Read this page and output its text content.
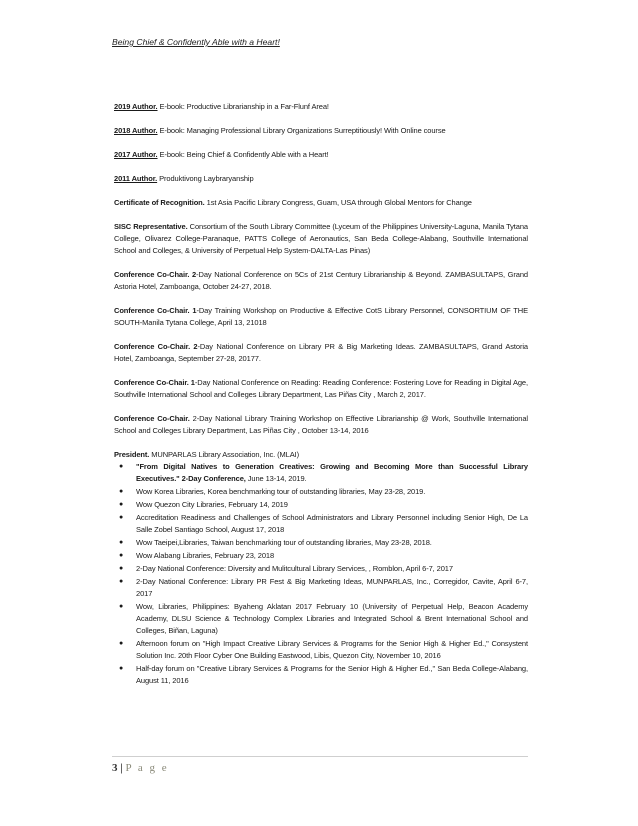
Being Chief & Confidently Able with a Heart!
2019 Author. E-book: Productive Librarianship in a Far-Flunf Area!
2018 Author. E-book: Managing Professional Library Organizations Surreptitiously! With Online course
2017 Author. E-book: Being Chief & Confidently Able with a Heart!
2011 Author. Produktivong Laybraryanship
Certificate of Recognition. 1st Asia Pacific Library Congress, Guam, USA through Global Mentors for Change
SISC Representative. Consortium of the South Library Committee (Lyceum of the Philippines University-Laguna, Manila Tytana College, Olivarez College-Paranaque, PATTS College of Aeronautics, San Beda College-Alabang, Southville International School and Colleges, & University of Perpetual Help System-DALTA-Las Pinas)
Conference Co-Chair. 2-Day National Conference on 5Cs of 21st Century Librarianship & Beyond. ZAMBASULTAPS, Grand Astoria Hotel, Zamboanga, October 24-27, 2018.
Conference Co-Chair. 1-Day Training Workshop on Productive & Effective CotS Library Personnel, CONSORTIUM OF THE SOUTH-Manila Tytana College, April 13, 21018
Conference Co-Chair. 2-Day National Conference on Library PR & Big Marketing Ideas. ZAMBASULTAPS, Grand Astoria Hotel, Zamboanga, September 27-28, 20177.
Conference Co-Chair. 1-Day National Conference on Reading: Reading Conference: Fostering Love for Reading in Digital Age, Southville International School and Colleges Library Department, Las Piñas City , March 2, 2017.
Conference Co-Chair. 2-Day National Library Training Workshop on Effective Librarianship @ Work, Southville International School and Colleges Library Department, Las Piñas City , October 13-14, 2016
President. MUNPARLAS Library Association, Inc. (MLAI)
● "From Digital Natives to Generation Creatives: Growing and Becoming More than Successful Library Executives." 2-Day Conference, June 13-14, 2019.
● Wow Korea Libraries, Korea benchmarking tour of outstanding libraries, May 23-28, 2019.
● Wow Quezon City Libraries, February 14, 2019
● Accreditation Readiness and Challenges of School Administrators and Library Personnel including Senior High, De La Salle Zobel Santiago School, August 17, 2018
● Wow Taeipei,Libraries, Taiwan benchmarking tour of outstanding libraries, May 23-28, 2018.
● Wow Alabang Libraries, February 23, 2018
● 2-Day National Conference: Diversity and Mulitcultural Library Services, , Romblon, April 6-7, 2017
● 2-Day National Conference: Library PR Fest & Big Marketing Ideas, MUNPARLAS, Inc., Corregidor, Cavite, April 6-7, 2017
● Wow, Libraries, Philippines: Byaheng Aklatan 2017 February 10 (University of Perpetual Help, Beacon Academy Academy, DLSU Science & Technology Complex Libraries and Integrated School & Brent International School and Colleges, Biñan, Laguna)
● Afternoon forum on "High Impact Creative Library Services & Programs for the Senior High & Higher Ed.," Consystent Solution Inc. 20th Floor Cyber One Building Eastwood, Libis, Quezon City, November 10, 2016
● Half-day forum on "Creative Library Services & Programs for the Senior High & Higher Ed.," San Beda College-Alabang, August 11, 2016
3 | P a g e
